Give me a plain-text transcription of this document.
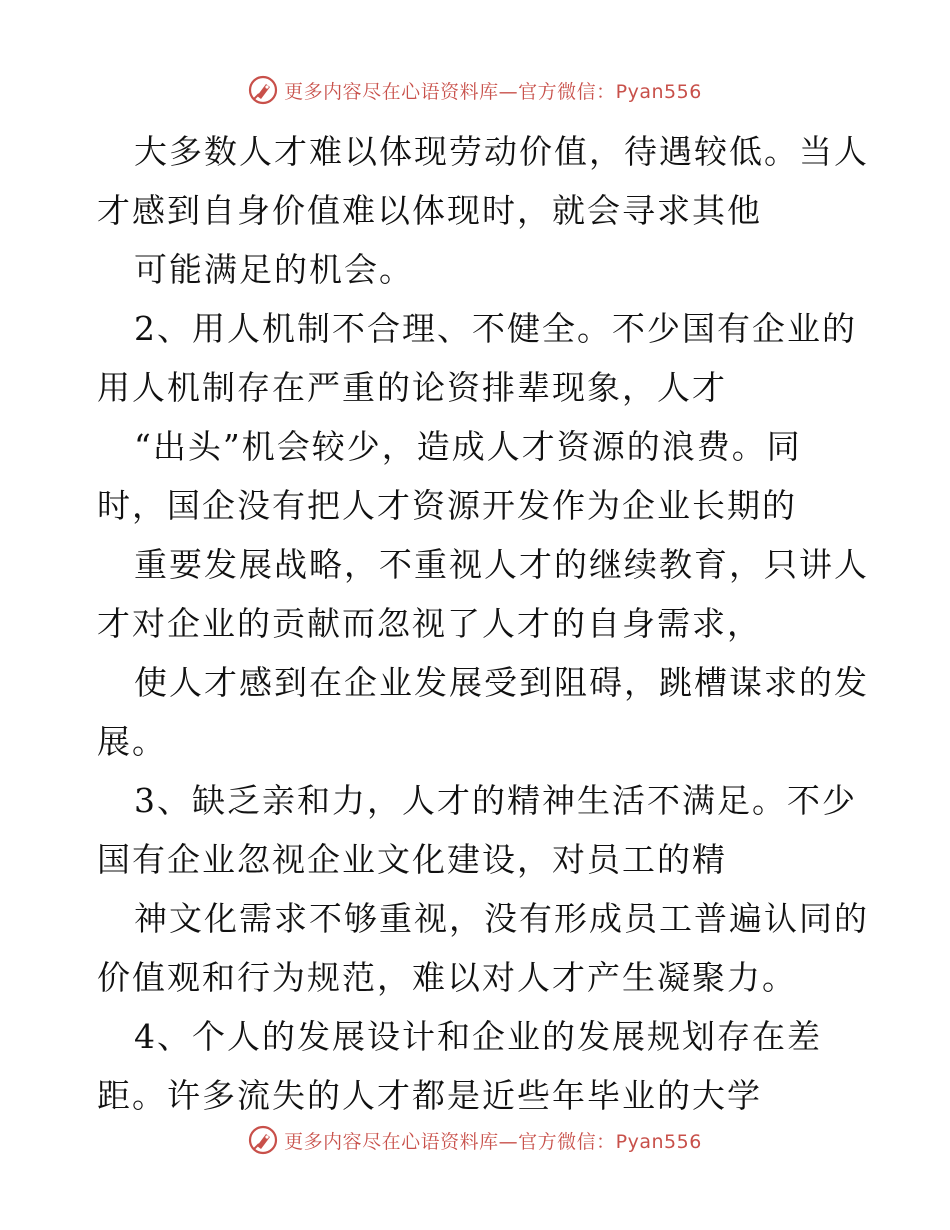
更多内容尽在心语资料库—官方微信：Pyan556
大多数人才难以体现劳动价值，待遇较低。当人
才感到自身价值难以体现时，就会寻求其他
可能满足的机会。
2、用人机制不合理、不健全。不少国有企业的
用人机制存在严重的论资排辈现象，人才
“出头”机会较少，造成人才资源的浪费。同
时，国企没有把人才资源开发作为企业长期的
重要发展战略，不重视人才的继续教育，只讲人
才对企业的贡献而忽视了人才的自身需求，
使人才感到在企业发展受到阻碍，跳槽谋求的发
展。
3、缺乏亲和力，人才的精神生活不满足。不少
国有企业忽视企业文化建设，对员工的精
神文化需求不够重视，没有形成员工普遍认同的
价值观和行为规范，难以对人才产生凝聚力。
4、个人的发展设计和企业的发展规划存在差
距。许多流失的人才都是近些年毕业的大学
更多内容尽在心语资料库—官方微信：Pyan556
